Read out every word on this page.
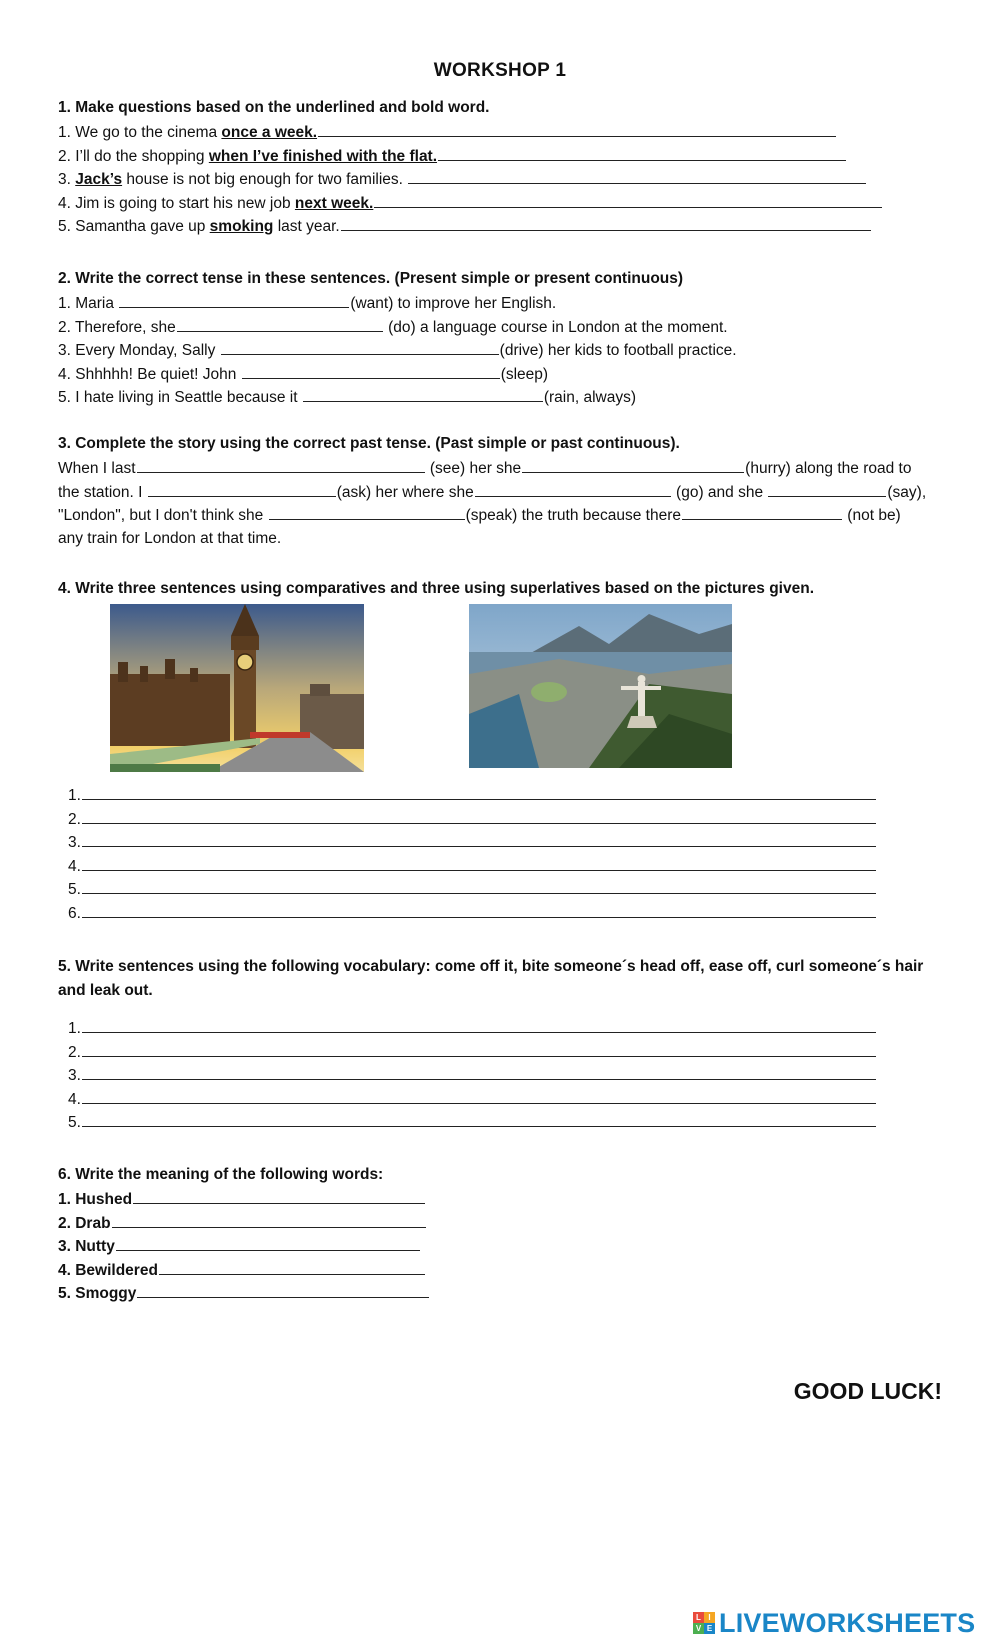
WORKSHOP 1
1. Make questions based on the underlined and bold word.
1. We go to the cinema once a week.
2. I’ll do the shopping when I’ve finished with the flat.
3. Jack’s house is not big enough for two families.
4. Jim is going to start his new job next week.
5. Samantha gave up smoking last year.
2. Write the correct tense in these sentences. (Present simple or present continuous)
1. Maria	(want) to improve her English.
2. Therefore, she	(do) a language course in London at the moment.
3. Every Monday, Sally	(drive) her kids to football practice.
4. Shhhhh! Be quiet! John	(sleep)
5. I hate living in Seattle because it	(rain, always)
3. Complete the story using the correct past tense. (Past simple or past continuous).
When I last	(see) her she	(hurry) along the road to
the station. I	(ask) her where she	(go) and she	(say),
"London", but I don't think she	(speak) the truth because there	(not be)
any train for London at that time.
4. Write three sentences using comparatives and three using superlatives based on the pictures given.
1.
2.
3.
4.
5.
6.
5. Write sentences using the following vocabulary: come off it, bite someone´s head off, ease off, curl someone´s hair
and leak out.
1.
2.
3.
4.
5.
6. Write the meaning of the following words:
1. Hushed
2. Drab
3. Nutty
4. Bewildered
5. Smoggy
GOOD LUCK!
L I
V E LIVEWORKSHEETS
